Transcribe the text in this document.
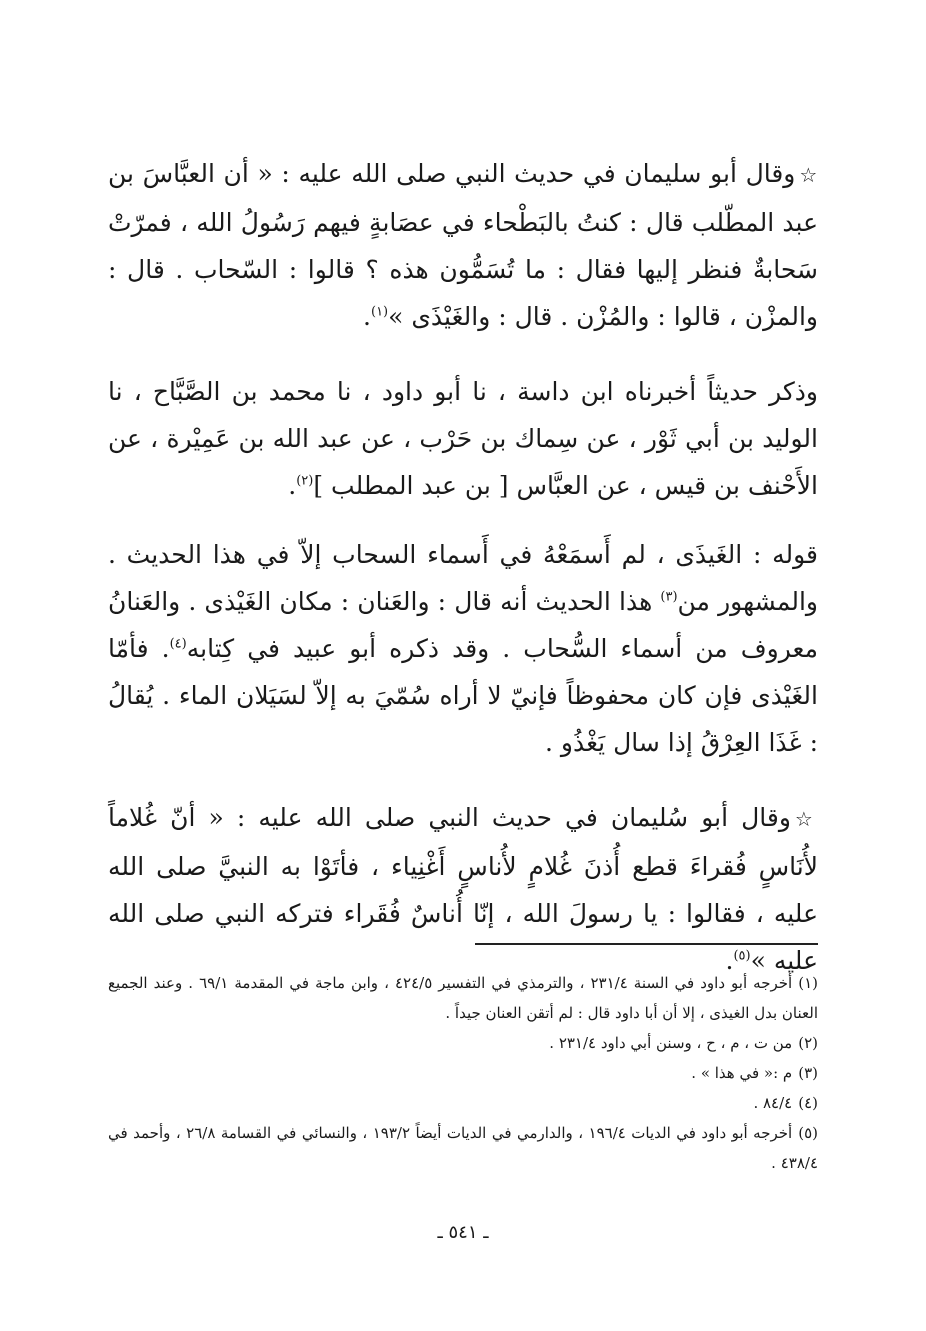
☆وقال أبو سليمان في حديث النبي صلى الله عليه : « أن العبَّاسَ بن عبد المطّلب قال : كنتُ بالبَطْحاء في عصَابةٍ فيهم رَسُولُ الله ، فمرّتْ سَحابةٌ فنظر إليها فقال : ما تُسَمُّون هذه ؟ قالوا : السّحاب . قال : والمزْن ، قالوا : والمُزْن . قال : والغَيْذَى »$^{(١)}$.

وذكر حديثاً أخبرناه ابن داسة ، نا أبو داود ، نا محمد بن الصَّبَّاح ، نا الوليد بن أبي ثَوْر ، عن سِماك بن حَرْب ، عن عبد الله بن عَمِيْرة ، عن الأَحْنف بن قيس ، عن العبَّاس [ بن عبد المطلب ]$^{(٢)}$.

قوله : الغَيذَى ، لم أَسمَعْهُ في أَسماء السحاب إلاّ في هذا الحديث . والمشهور من$^{(٣)}$ هذا الحديث أنه قال : والعَنان : مكان الغَيْذى . والعَنانُ معروف من أسماء السُّحاب . وقد ذكره أبو عبيد في كِتابه$^{(٤)}$. فأمّا الغَيْذى فإن كان محفوظاً فإنيّ لا أراه سُمّيَ به إلاّ لسَيَلان الماء . يُقالُ : غَذَا العِرْقُ إذا سال يَغْذُو .

☆وقال أبو سُليمان في حديث النبي صلى الله عليه : « أنّ غُلاماً لأُنَاسٍ فُقراءَ قطع أُذنَ غُلامٍ لأُناسٍ أَغْنِياء ، فأتَوْا به النبيَّ صلى الله عليه ، فقالوا : يا رسولَ الله ، إنّا أُناسٌ فُقَراء فتركه النبي صلى الله عليه »$^{(٥)}$.

(١)أخرجه أبو داود في السنة ٢٣١/٤ ، والترمذي في التفسير ٤٢٤/٥ ، وابن ماجة في المقدمة ٦٩/١ . وعند الجميع العنان بدل الغيذى ، إلا أن أبا داود قال : لم أتقن العنان جيداً .

(٢)من ت ، م ، ح ، وسنن أبي داود ٢٣١/٤ .

(٣)م :« في هذا » .

(٤)٨٤/٤ .

(٥)أخرجه أبو داود في الديات ١٩٦/٤ ، والدارمي في الديات أيضاً ١٩٣/٢ ، والنسائي في القسامة ٢٦/٨ ، وأحمد في ٤٣٨/٤ .

ـ ٥٤١ ـ
